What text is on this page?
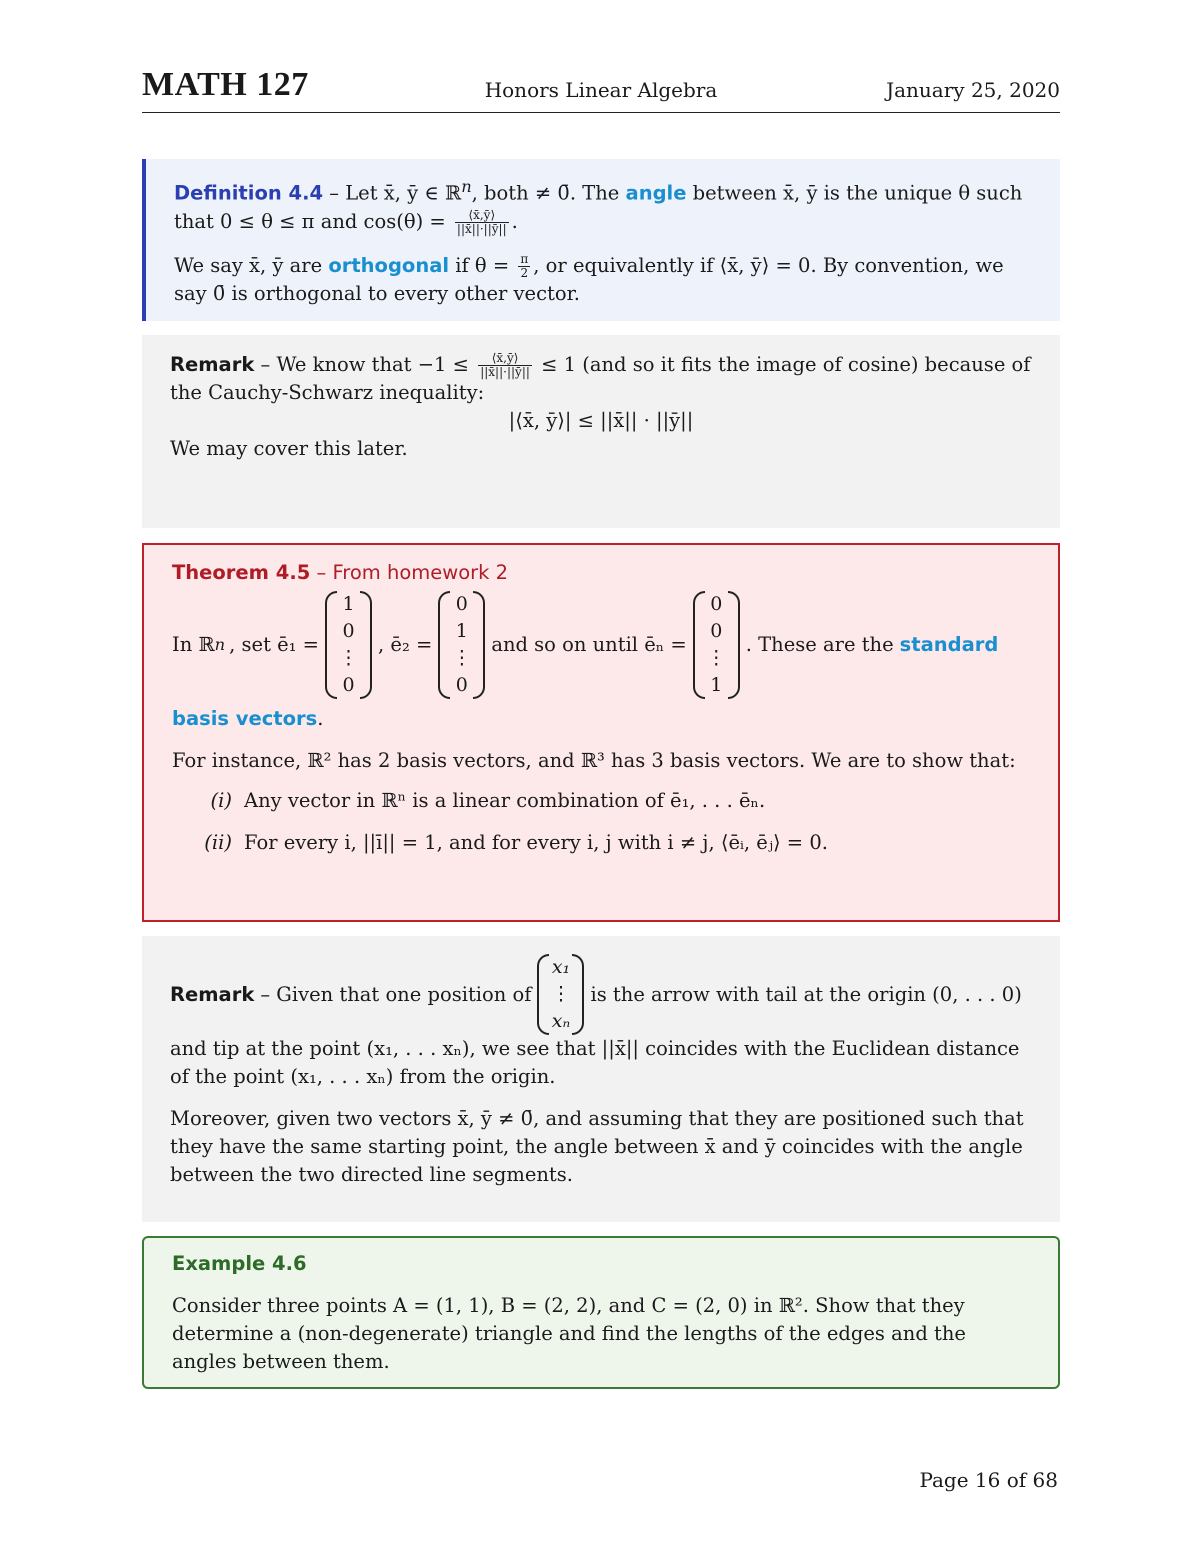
MATH 127	Honors Linear Algebra	January 25, 2020

Definition 4.4 – Let x̄, ȳ ∈ ℝ$^n$, both ≠ 0̄. The angle between x̄, ȳ is the unique θ such that 0 ≤ θ ≤ π and $\cos(\theta) = \frac{⟨x̄,ȳ⟩}{||x̄||\cdot||ȳ||}$ .

We say x̄, ȳ are orthogonal if $\theta = \frac{\pi}{2}$ , or equivalently if ⟨x̄, ȳ⟩ = 0. By convention, we say 0̄ is orthogonal to every other vector.

Remark – We know that $-1 \le \frac{⟨x̄,ȳ⟩}{||x̄||\cdot||ȳ||} \le 1$ (and so it fits the image of cosine) because of the Cauchy-Schwarz inequality:

|⟨x̄, ȳ⟩| ≤ ||x̄|| · ||ȳ||

We may cover this later.

Theorem 4.5 – From homework 2

In ℝ n , set ē₁ =
1
0
⋮
0
, ē₂ =
0
1
⋮
0
and so on until ēₙ =
0
0
⋮
1
. These are the standard

basis vectors.

For instance, ℝ² has 2 basis vectors, and ℝ³ has 3 basis vectors. We are to show that:

(i) Any vector in ℝⁿ is a linear combination of ē₁, . . . ēₙ.
(ii) For every i, ||ī|| = 1, and for every i, j with i ≠ j, ⟨ēᵢ, ēⱼ⟩ = 0.
Remark – Given that one position of
x₁
⋮
xₙ
is the arrow with tail at the origin (0, . . . 0)

and tip at the point (x₁, . . . xₙ), we see that ||x̄|| coincides with the Euclidean distance of the point (x₁, . . . xₙ) from the origin.

Moreover, given two vectors x̄, ȳ ≠ 0̄, and assuming that they are positioned such that they have the same starting point, the angle between x̄ and ȳ coincides with the angle between the two directed line segments.

Example 4.6

Consider three points A = (1, 1), B = (2, 2), and C = (2, 0) in ℝ². Show that they determine a (non-degenerate) triangle and find the lengths of the edges and the angles between them.

Page 16 of 68
